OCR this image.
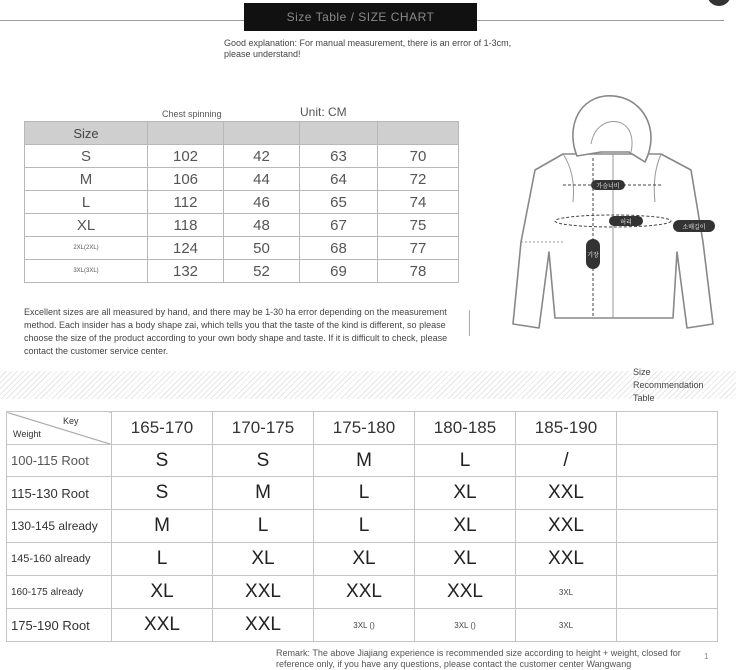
Size Table / SIZE CHART
Good explanation: For manual measurement, there is an error of 1-3cm, please understand!
Unit: CM
Chest spinning
Size				
S	102	42	63	70
M	106	44	64	72
L	112	46	65	74
XL	118	48	67	75
2XL(2XL)	124	50	68	77
3XL(3XL)	132	52	69	78
Excellent sizes are all measured by hand, and there may be 1-30 ha error depending on the measurement method. Each insider has a body shape zai, which tells you that the taste of the kind is different, so please choose the size of the product according to your own body shape and taste. If it is difficult to check, please contact the customer service center.
가슴너비
허리
기장
소매길이
Size Recommendation Table
	165-170	170-175	175-180	180-185	185-190	
100-115 Root	S	S	M	L	/	
115-130 Root	S	M	L	XL	XXL	
130-145 already	M	L	L	XL	XXL	
145-160 already	L	XL	XL	XL	XXL	
160-175 already	XL	XXL	XXL	XXL	3XL	
175-190 Root	XXL	XXL	3XL ()	3XL ()	3XL	
Key
Weight
Remark: The above Jiajiang experience is recommended size according to height + weight, closed for reference only, if you have any questions, please contact the customer center Wangwang
1
